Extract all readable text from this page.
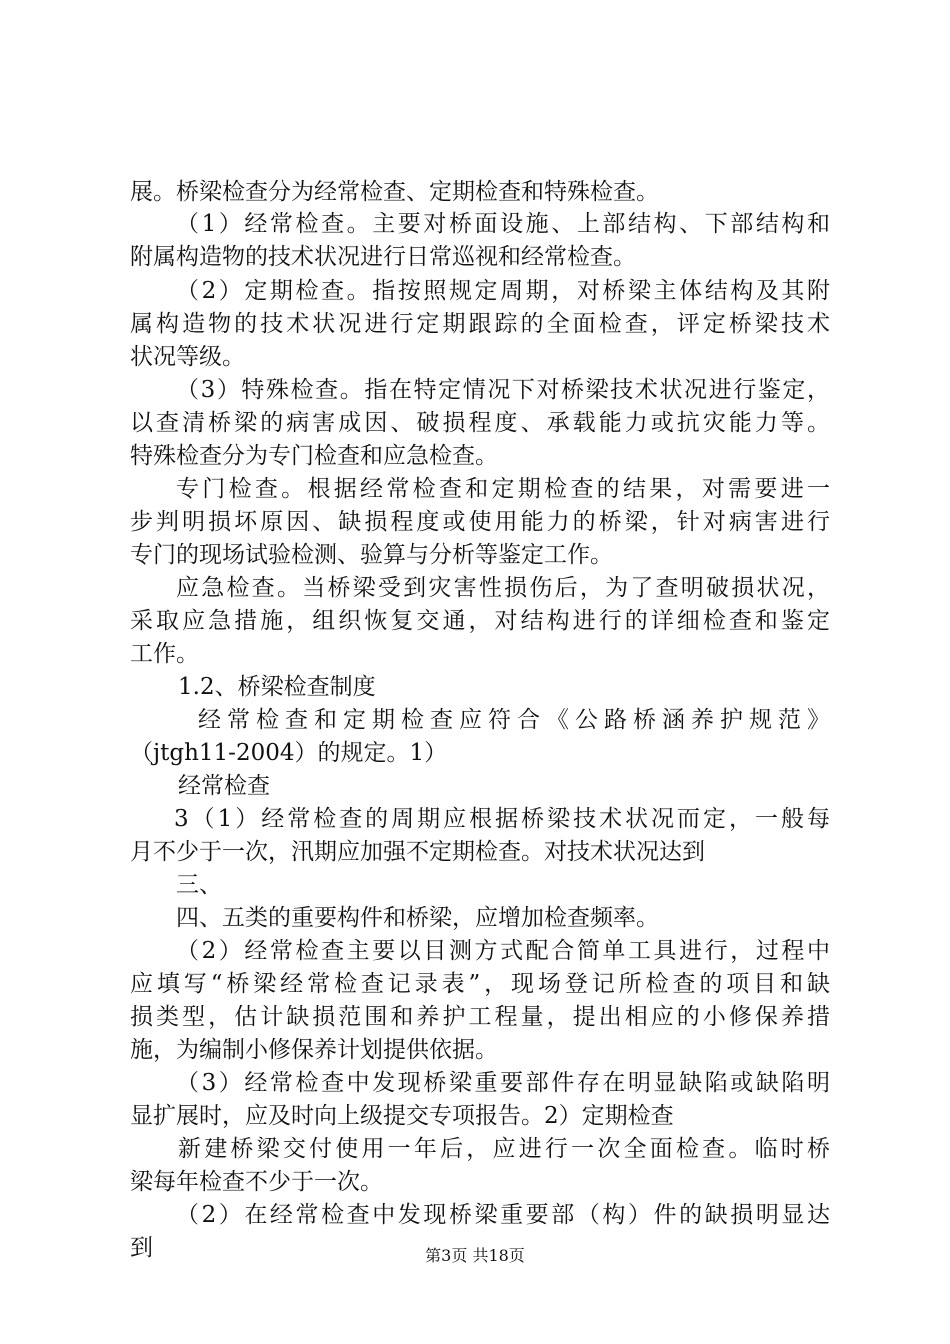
展。桥梁检查分为经常检查、定期检查和特殊检查。
（1）经常检查。主要对桥面设施、上部结构、下部结构和
附属构造物的技术状况进行日常巡视和经常检查。
（2）定期检查。指按照规定周期，对桥梁主体结构及其附
属构造物的技术状况进行定期跟踪的全面检查，评定桥梁技术
状况等级。
（3）特殊检查。指在特定情况下对桥梁技术状况进行鉴定，
以查清桥梁的病害成因、破损程度、承载能力或抗灾能力等。
特殊检查分为专门检查和应急检查。
专门检查。根据经常检查和定期检查的结果，对需要进一
步判明损坏原因、缺损程度或使用能力的桥梁，针对病害进行
专门的现场试验检测、验算与分析等鉴定工作。
应急检查。当桥梁受到灾害性损伤后，为了查明破损状况，
采取应急措施，组织恢复交通，对结构进行的详细检查和鉴定
工作。
1.2、桥梁检查制度
经常检查和定期检查应符合《公路桥涵养护规范》
（jtgh11-2004）的规定。1）
经常检查
3（1）经常检查的周期应根据桥梁技术状况而定，一般每
月不少于一次，汛期应加强不定期检查。对技术状况达到
三、
四、五类的重要构件和桥梁，应增加检查频率。
（2）经常检查主要以目测方式配合简单工具进行，过程中
应填写“桥梁经常检查记录表”，现场登记所检查的项目和缺
损类型，估计缺损范围和养护工程量，提出相应的小修保养措
施，为编制小修保养计划提供依据。
（3）经常检查中发现桥梁重要部件存在明显缺陷或缺陷明
显扩展时，应及时向上级提交专项报告。2）定期检查
新建桥梁交付使用一年后，应进行一次全面检查。临时桥
梁每年检查不少于一次。
（2）在经常检查中发现桥梁重要部（构）件的缺损明显达
到	第3页 共18页
